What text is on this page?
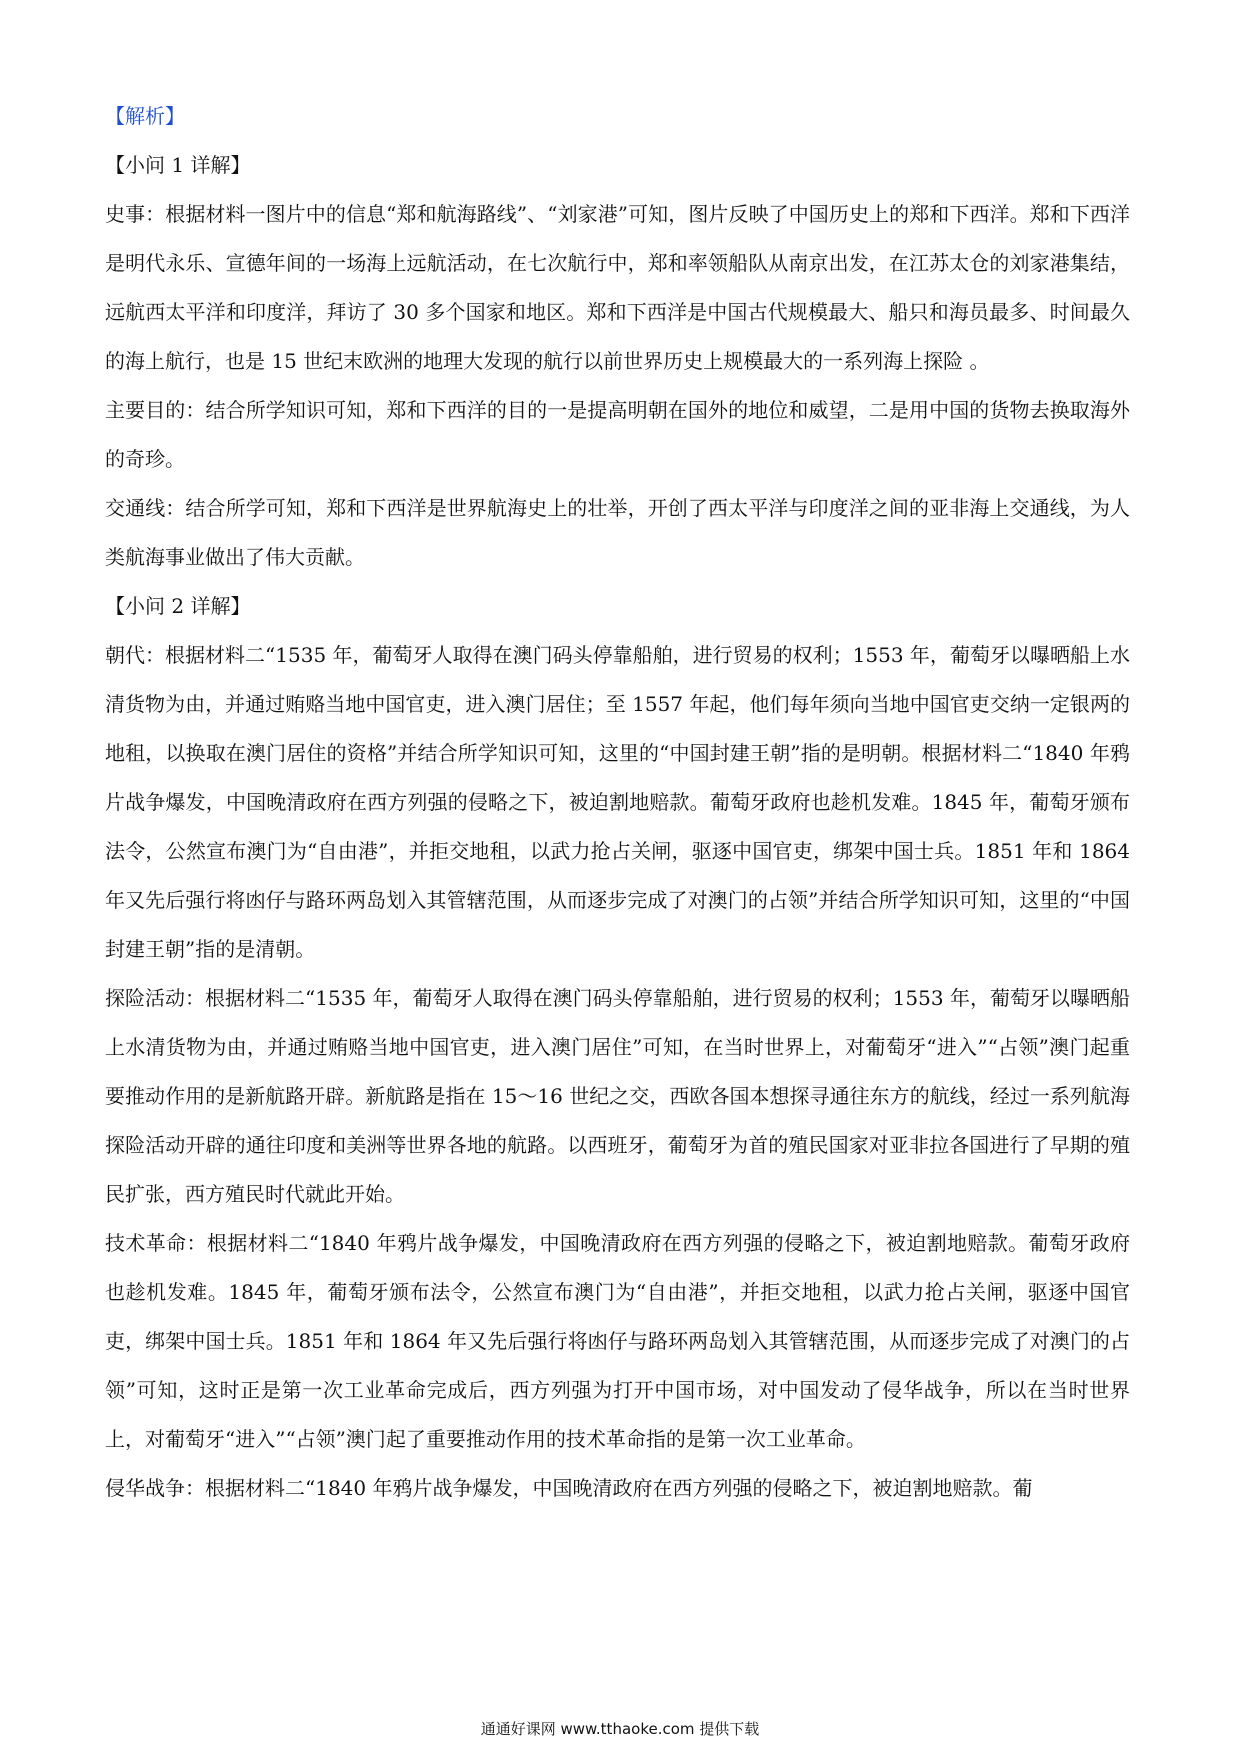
【解析】
【小问 1 详解】

史事：根据材料一图片中的信息“郑和航海路线”、“刘家港”可知，图片反映了中国历史上的郑和下西洋。郑和下西洋是明代永乐、宣德年间的一场海上远航活动，在七次航行中，郑和率领船队从南京出发，在江苏太仓的刘家港集结，远航西太平洋和印度洋，拜访了 30 多个国家和地区。郑和下西洋是中国古代规模最大、船只和海员最多、时间最久的海上航行，也是 15 世纪末欧洲的地理大发现的航行以前世界历史上规模最大的一系列海上探险 。

主要目的：结合所学知识可知，郑和下西洋的目的一是提高明朝在国外的地位和威望，二是用中国的货物去换取海外的奇珍。

交通线：结合所学可知，郑和下西洋是世界航海史上的壮举，开创了西太平洋与印度洋之间的亚非海上交通线，为人类航海事业做出了伟大贡献。

【小问 2 详解】

朝代：根据材料二“1535 年，葡萄牙人取得在澳门码头停靠船舶，进行贸易的权利；1553 年，葡萄牙以曝晒船上水清货物为由，并通过贿赂当地中国官吏，进入澳门居住；至 1557 年起，他们每年须向当地中国官吏交纳一定银两的地租，以换取在澳门居住的资格”并结合所学知识可知，这里的“中国封建王朝”指的是明朝。根据材料二“1840 年鸦片战争爆发，中国晚清政府在西方列强的侵略之下，被迫割地赔款。葡萄牙政府也趁机发难。1845 年，葡萄牙颁布法令，公然宣布澳门为“自由港”，并拒交地租，以武力抢占关闸，驱逐中国官吏，绑架中国士兵。1851 年和 1864 年又先后强行将凼仔与路环两岛划入其管辖范围，从而逐步完成了对澳门的占领”并结合所学知识可知，这里的“中国封建王朝”指的是清朝。

探险活动：根据材料二“1535 年，葡萄牙人取得在澳门码头停靠船舶，进行贸易的权利；1553 年，葡萄牙以曝晒船上水清货物为由，并通过贿赂当地中国官吏，进入澳门居住”可知，在当时世界上，对葡萄牙“进入”“占领”澳门起重要推动作用的是新航路开辟。新航路是指在 15～16 世纪之交，西欧各国本想探寻通往东方的航线，经过一系列航海探险活动开辟的通往印度和美洲等世界各地的航路。以西班牙，葡萄牙为首的殖民国家对亚非拉各国进行了早期的殖民扩张，西方殖民时代就此开始。

技术革命：根据材料二“1840 年鸦片战争爆发，中国晚清政府在西方列强的侵略之下，被迫割地赔款。葡萄牙政府也趁机发难。1845 年，葡萄牙颁布法令，公然宣布澳门为“自由港”，并拒交地租，以武力抢占关闸，驱逐中国官吏，绑架中国士兵。1851 年和 1864 年又先后强行将凼仔与路环两岛划入其管辖范围，从而逐步完成了对澳门的占领”可知，这时正是第一次工业革命完成后，西方列强为打开中国市场，对中国发动了侵华战争，所以在当时世界上，对葡萄牙“进入”“占领”澳门起了重要推动作用的技术革命指的是第一次工业革命。

侵华战争：根据材料二“1840 年鸦片战争爆发，中国晚清政府在西方列强的侵略之下，被迫割地赔款。葡

通通好课网 www.tthaoke.com 提供下载
